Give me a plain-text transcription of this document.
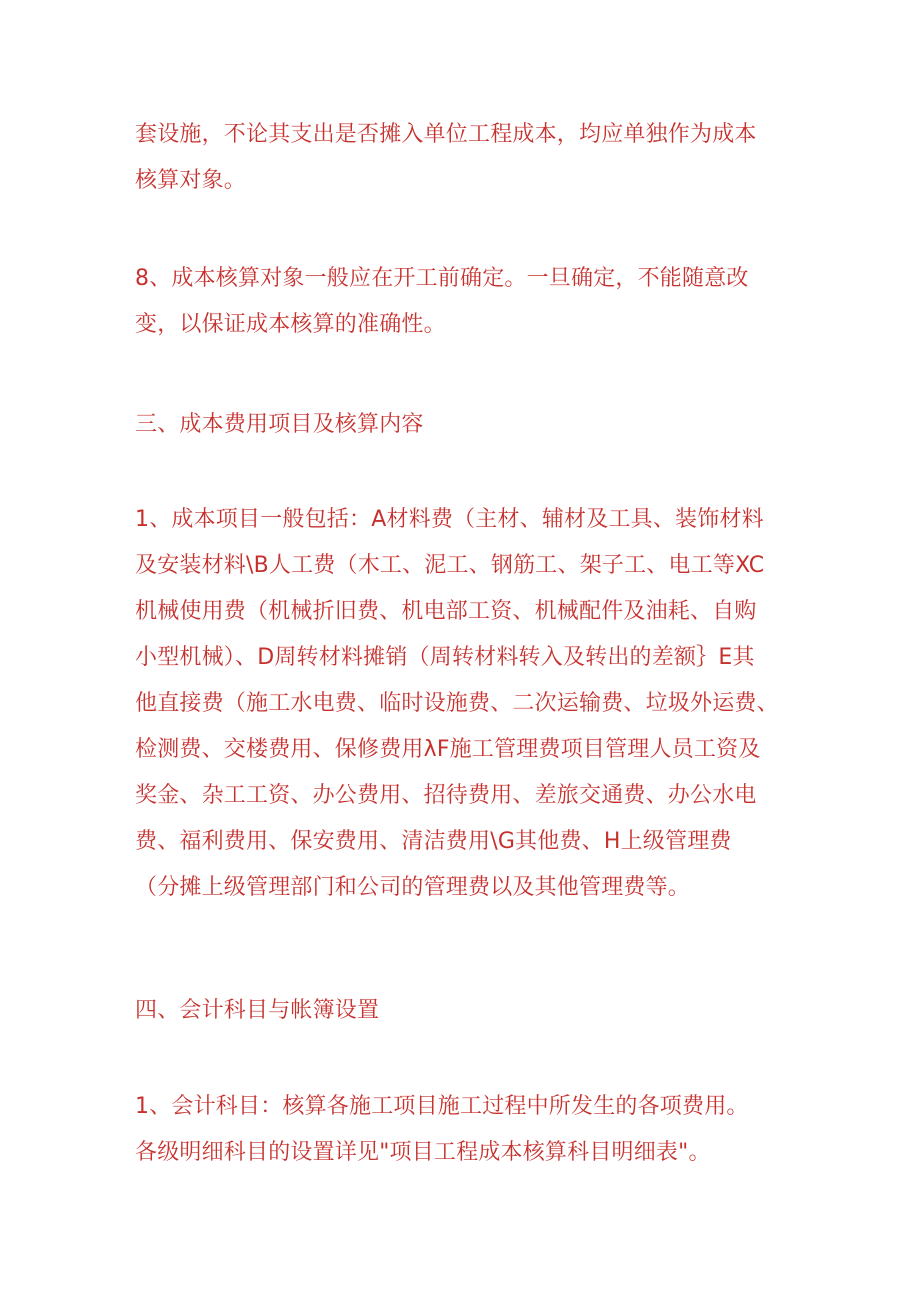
套设施，不论其支出是否摊入单位工程成本，均应单独作为成本
核算对象。

8、成本核算对象一般应在开工前确定。一旦确定，不能随意改
变，以保证成本核算的准确性。

三、成本费用项目及核算内容

1、成本项目一般包括：A材料费（主材、辅材及工具、装饰材料
及安装材料\B人工费（木工、泥工、钢筋工、架子工、电工等XC
机械使用费（机械折旧费、机电部工资、机械配件及油耗、自购
小型机械）、D周转材料摊销（周转材料转入及转出的差额｝E其
他直接费（施工水电费、临时设施费、二次运输费、垃圾外运费、
检测费、交楼费用、保修费用λF施工管理费项目管理人员工资及
奖金、杂工工资、办公费用、招待费用、差旅交通费、办公水电
费、福利费用、保安费用、清洁费用\G其他费、H上级管理费
（分摊上级管理部门和公司的管理费以及其他管理费等。

四、会计科目与帐簿设置

1、会计科目：核算各施工项目施工过程中所发生的各项费用。
各级明细科目的设置详见"项目工程成本核算科目明细表"。
